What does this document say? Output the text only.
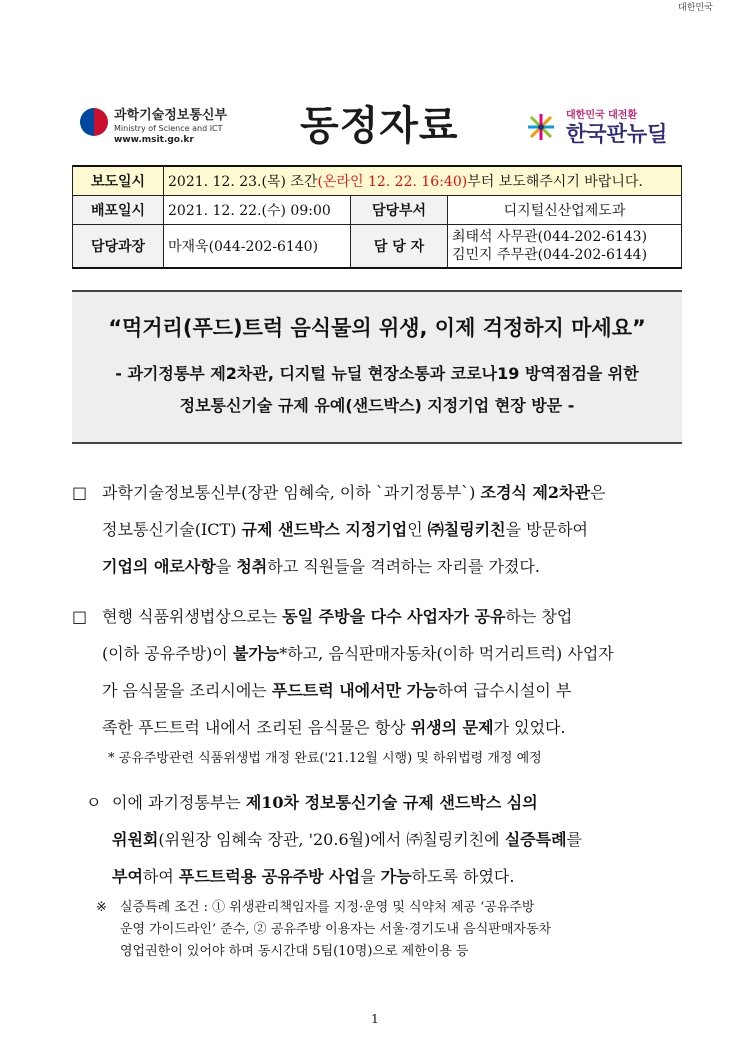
대한민국
과학기술정보통신부
Ministry of Science and ICT
www.msit.go.kr	동정자료	대한민국 대전환
한국판뉴딜
보도일시	2021. 12. 23.(목) 조간(온라인 12. 22. 16:40)부터 보도해주시기 바랍니다.		
배포일시	2021. 12. 22.(수) 09:00	담당부서	디지털신산업제도과
담당과장	마재욱(044-202-6140)	담 당 자	최태석 사무관(044-202-6143)
김민지 주무관(044-202-6144)
“먹거리(푸드)트럭 음식물의 위생, 이제 걱정하지 마세요”
- 과기정통부 제2차관, 디지털 뉴딜 현장소통과 코로나19 방역점검을 위한
정보통신기술 규제 유예(샌드박스) 지정기업 현장 방문 -
□ 과학기술정보통신부(장관 임혜숙, 이하 `과기정통부`) 조경식 제2차관은
정보통신기술(ICT) 규제 샌드박스 지정기업인 ㈜칠링키친을 방문하여
기업의 애로사항을 청취하고 직원들을 격려하는 자리를 가졌다.
□ 현행 식품위생법상으로는 동일 주방을 다수 사업자가 공유하는 창업
(이하 공유주방)이 불가능*하고, 음식판매자동차(이하 먹거리트럭) 사업자
가 음식물을 조리시에는 푸드트럭 내에서만 가능하여 급수시설이 부
족한 푸드트럭 내에서 조리된 음식물은 항상 위생의 문제가 있었다.
* 공유주방관련 식품위생법 개정 완료('21.12월 시행) 및 하위법령 개정 예정
ㅇ 이에 과기정통부는 제10차 정보통신기술 규제 샌드박스 심의
위원회(위원장 임혜숙 장관, '20.6월)에서 ㈜칠링키친에 실증특례를
부여하여 푸드트럭용 공유주방 사업을 가능하도록 하였다.
※	실증특례 조건 : ① 위생관리책임자를 지정·운영 및 식약처 제공 ‘공유주방
운영 가이드라인’ 준수, ② 공유주방 이용자는 서울·경기도내 음식판매자동차
영업권한이 있어야 하며 동시간대 5팀(10명)으로 제한이용 등
1
